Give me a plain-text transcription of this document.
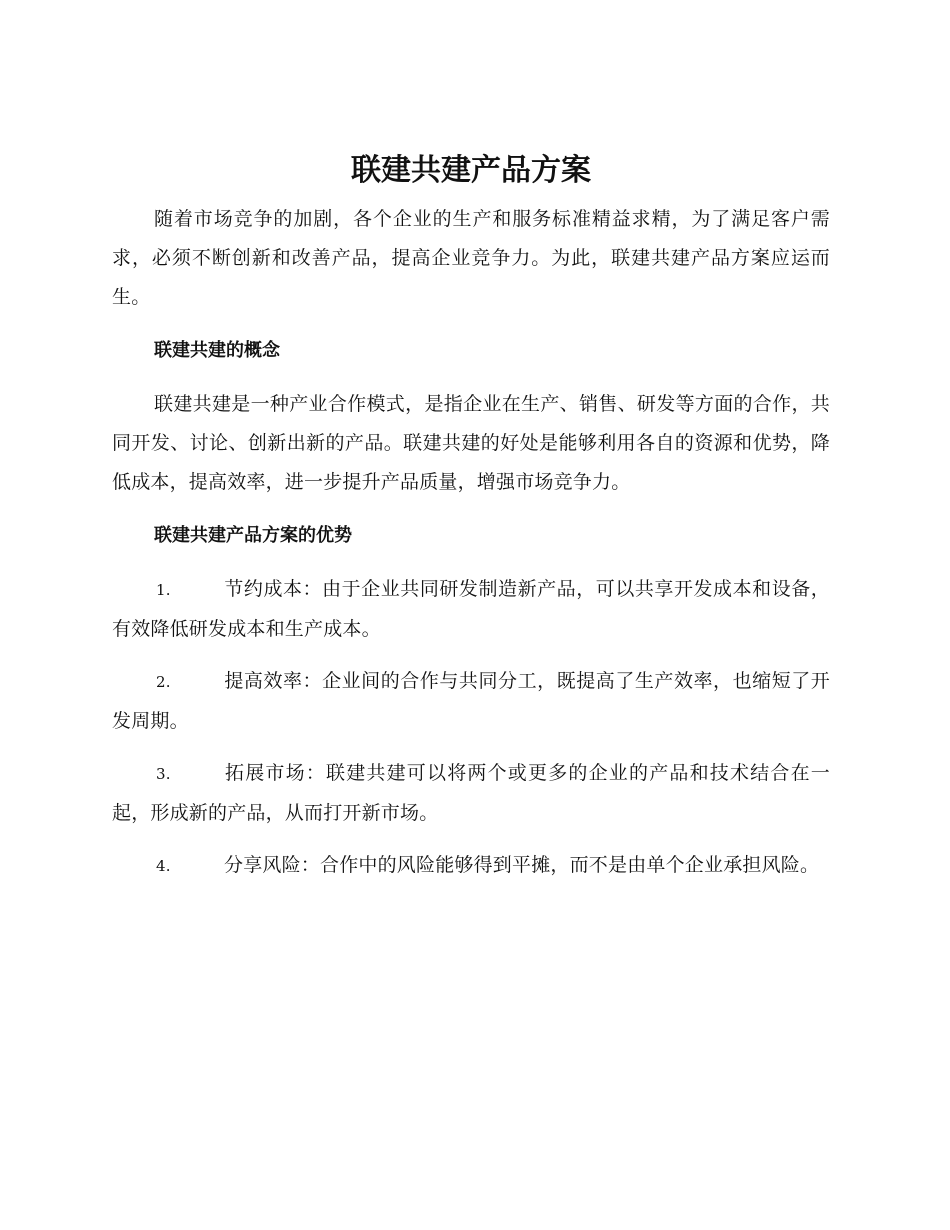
联建共建产品方案

随着市场竞争的加剧，各个企业的生产和服务标准精益求精，为了满足客户需求，必须不断创新和改善产品，提高企业竞争力。为此，联建共建产品方案应运而生。

联建共建的概念

联建共建是一种产业合作模式，是指企业在生产、销售、研发等方面的合作，共同开发、讨论、创新出新的产品。联建共建的好处是能够利用各自的资源和优势，降低成本，提高效率，进一步提升产品质量，增强市场竞争力。

联建共建产品方案的优势

1.	节约成本：由于企业共同研发制造新产品，可以共享开发成本和设备，有效降低研发成本和生产成本。

2.	提高效率：企业间的合作与共同分工，既提高了生产效率，也缩短了开发周期。

3.	拓展市场：联建共建可以将两个或更多的企业的产品和技术结合在一起，形成新的产品，从而打开新市场。

4.	分享风险：合作中的风险能够得到平摊，而不是由单个企业承担风险。
